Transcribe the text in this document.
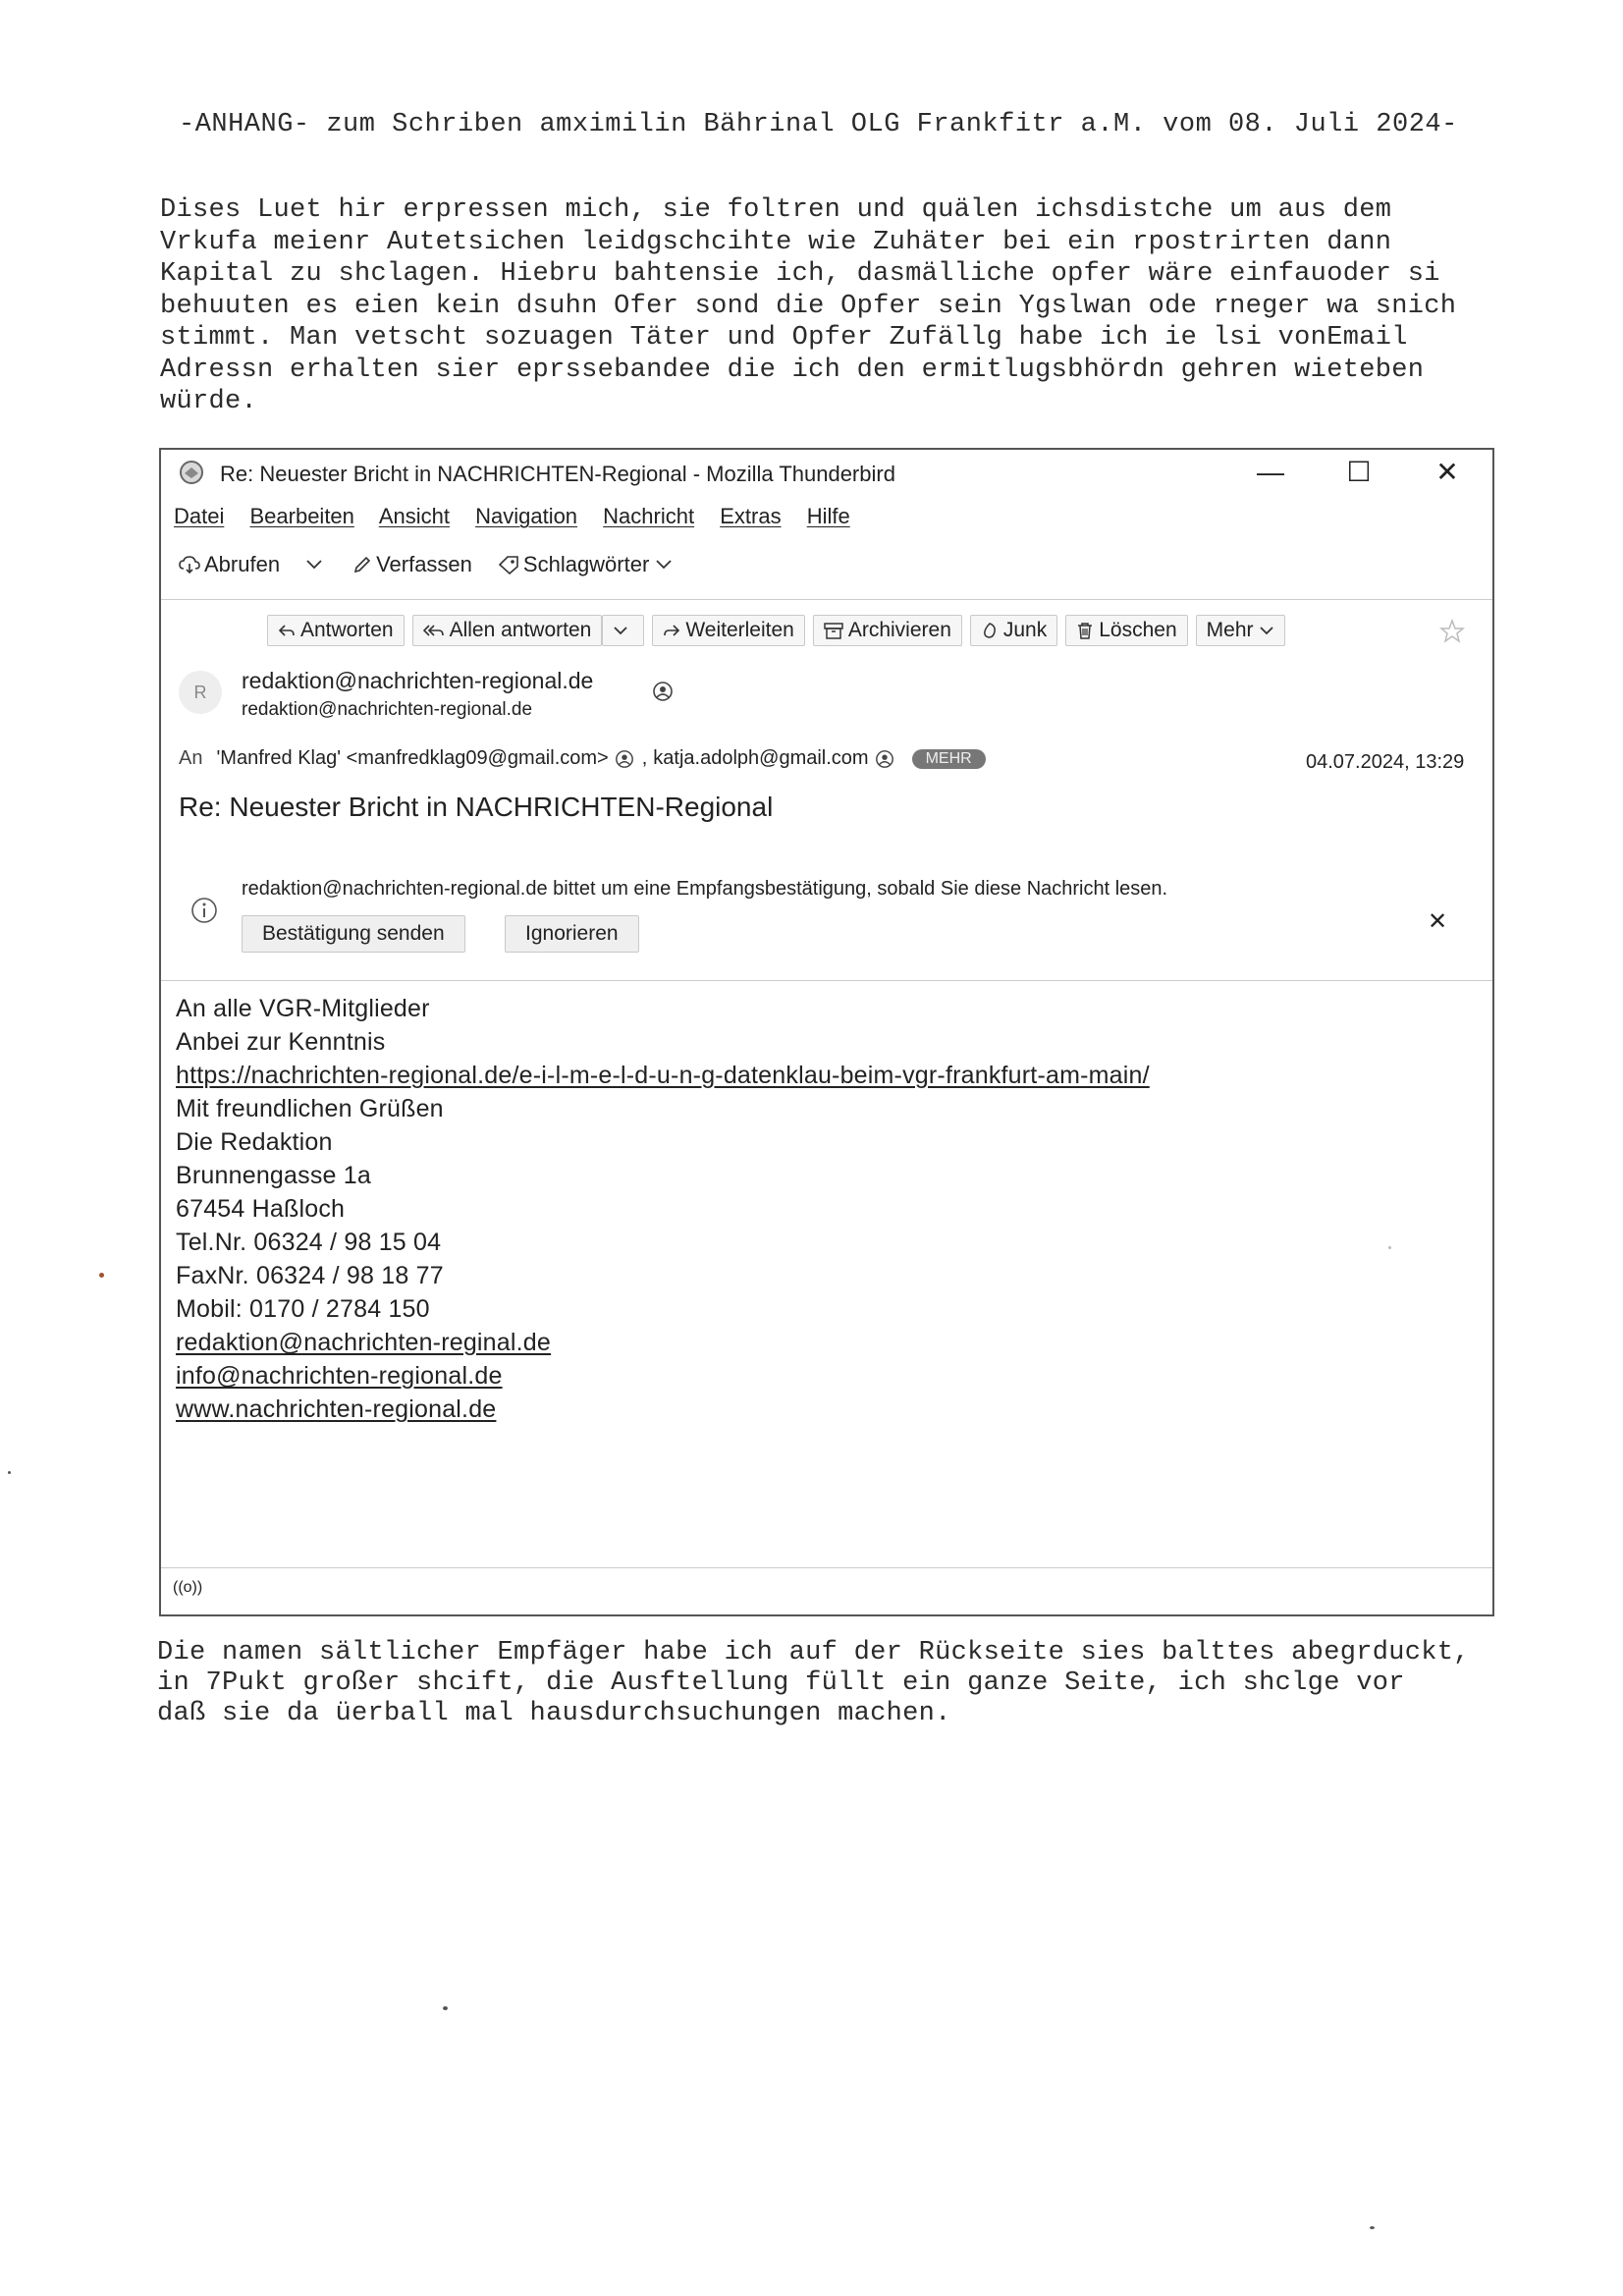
-ANHANG- zum Schriben amximilin Bährinal OLG Frankfitr a.M. vom 08. Juli 2024-
Dises Luet hir erpressen mich, sie foltren und quälen ichsdistche um aus dem
Vrkufa meienr Autetsichen leidgschcihte wie Zuhäter bei ein rpostrirten dann
Kapital zu shclagen. Hiebru bahtensie ich, dasmälliche opfer wäre einfauoder si
behuuten es eien kein dsuhn Ofer sond die Opfer sein Ygslwan ode rneger wa snich
stimmt. Man vetscht sozuagen Täter und Opfer Zufällg habe ich ie lsi vonEmail
Adressn erhalten sier eprssebandee die ich den ermitlugsbhördn gehren wieteben
würde.
Re: Neuester Bricht in NACHRICHTEN-Regional - Mozilla Thunderbird	— ☐ ✕
Datei Bearbeiten Ansicht Navigation Nachricht Extras Hilfe
Abrufen	Verfassen Schlagwörter
Antworten	Allen antworten	Weiterleiten	Archivieren	Junk	Löschen Mehr
R	redaktion@nachrichten-regional.de
redaktion@nachrichten-regional.de
An 'Manfred Klag' <manfredklag09@gmail.com> , katja.adolph@gmail.com	MEHR	04.07.2024, 13:29
Re: Neuester Bricht in NACHRICHTEN-Regional
redaktion@nachrichten-regional.de bittet um eine Empfangsbestätigung, sobald Sie diese Nachricht lesen.
Bestätigung senden	Ignorieren	✕
An alle VGR-Mitglieder
Anbei zur Kenntnis
https://nachrichten-regional.de/e-i-l-m-e-l-d-u-n-g-datenklau-beim-vgr-frankfurt-am-main/
Mit freundlichen Grüßen
Die Redaktion
Brunnengasse 1a
67454 Haßloch
Tel.Nr. 06324 / 98 15 04
FaxNr. 06324 / 98 18 77
Mobil: 0170 / 2784 150
redaktion@nachrichten-reginal.de
info@nachrichten-regional.de
www.nachrichten-regional.de
((o))
Die namen sältlicher Empfäger habe ich auf der Rückseite sies balttes abegrduckt,
in 7Pukt großer shcift, die Ausftellung füllt ein ganze Seite, ich shclge vor
daß sie da üerball mal hausdurchsuchungen machen.
